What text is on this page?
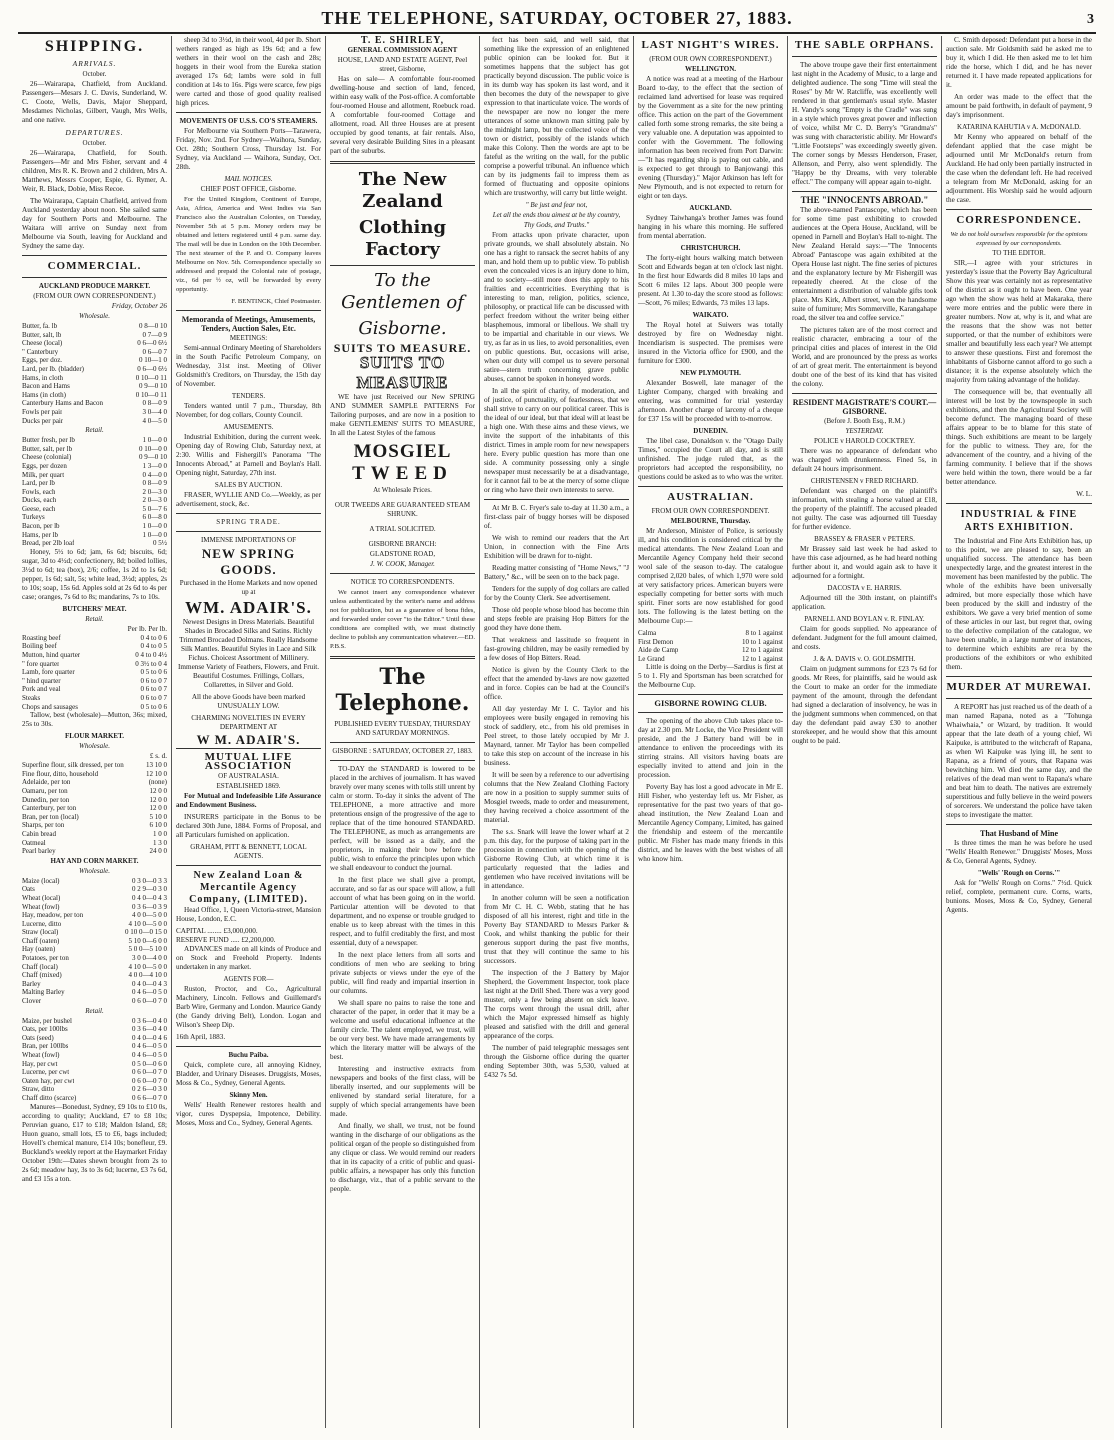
THE TELEPHONE, SATURDAY, OCTOBER 27, 1883.	3
SHIPPING.
ARRIVALS.
October.

26—Wairarapa, Chatfield, from Auckland. Passengers—Mesars J. C. Davis, Sunderland, W. C. Coote, Wells, Davis, Major Sheppard, Mesdames Nicholas, Gilbert, Vaugh, Mrs Wells, and one native.

DEPARTURES.
October.

26—Wairarapa, Chatfield, for South. Passengers—Mr and Mrs Fisher, servant and 4 children, Mrs R. K. Brown and 2 children, Mrs A. Matthews, Messrs Cooper, Espie, G. Rymer, A. Weir, R. Black, Dobie, Miss Recoe.

The Wairarapa, Captain Chatfield, arrived from Auckland yesterday about noon. She sailed same day for Southern Ports and Melbourne. The Waitara will arrive on Sunday next from Melbourne via South, leaving for Auckland and Sydney the same day.

COMMERCIAL.
AUCKLAND PRODUCE MARKET.
(FROM OUR OWN CORRESPONDENT.)
Friday, October 26
Wholesale.
Butter, fa. lb	0 8—0 10
Butter, salt, lb	0 7—0 9
Cheese (local)	0 6—0 6½
" Canterbury	0 6—0 7
Eggs, per doz.	0 10—1 0
Lard, per lb. (bladder)	0 6—0 6½
Hams, in cloth	0 10—0 11
Bacon and Hams	0 9—0 10
Hams (in cloth)	0 10—0 11
Canterbury Hams and Bacon	0 8—0 9
Fowls per pair	3 0—4 0
Ducks per pair	4 0—5 0
Retail.
Butter fresh, per lb	1 0—0 0
Butter, salt, per lb	0 10—0 0
Cheese (colonial)	0 9—0 10
Eggs, per dozen	1 3—0 0
Milk, per quart	0 4—0 0
Lard, per lb	0 8—0 9
Fowls, each	2 0—3 0
Ducks, each	2 0—3 0
Geese, each	5 0—7 6
Turkeys	6 0—8 0
Bacon, per lb	1 0—0 0
Hams, per lb	1 0—0 0
Bread, per 2lb loaf	0 5½

Honey, 5½ to 6d; jam, 6s 6d; biscuits, 6d; sugar, 3d to 4½d; confectionery, 8d; boiled lollies, 3½d to 6d; tea (box), 2/6; coffee, 1s 2d to 1s 6d; pepper, 1s 6d; salt, 5s; white lead, 3½d; apples, 2s to 10s; soap, 15s 6d. Apples sold at 2s 6d to 4s per case; oranges, 7s 6d to 8s; mandarins, 7s to 10s.

BUTCHERS' MEAT.
Retail.
Per lb. Per lb.
Roasting beef	0 4 to 0 6
Boiling beef	0 4 to 0 5
Mutton, hind quarter	0 4 to 0 4½
" fore quarter	0 3½ to 0 4
Lamb, fore quarter	0 5 to 0 6
" hind quarter	0 6 to 0 7
Pork and veal	0 6 to 0 7
Steaks	0 6 to 0 7
Chops and sausages	0 5 to 0 6

Tallow, best (wholesale)—Mutton, 36s; mixed, 25s to 30s.

FLOUR MARKET.
Wholesale.
£ s. d.
Superfine flour, silk dressed, per ton	13 10 0
Fine flour, ditto, household	12 10 0
Adelaide, per ton	(none)
Oamaru, per ton	12 0 0
Dunedin, per ton	12 0 0
Canterbury, per ton	12 0 0
Bran, per ton (local)	5 10 0
Sharps, per ton	6 10 0
Cabin bread	1 0 0
Oatmeal	1 3 0
Pearl barley	24 0 0
HAY AND CORN MARKET.
Wholesale.
Maize (local)	0 3 0—0 3 3
Oats	0 2 9—0 3 0
Wheat (local)	0 4 0—0 4 3
Wheat (fowl)	0 3 6—0 3 9
Hay, meadow, per ton	4 0 0—5 0 0
Lucerne, ditto	4 10 0—5 0 0
Straw (local)	0 10 0—0 15 0
Chaff (oaten)	5 10 0—6 0 0
Hay (oaten)	5 0 0—5 10 0
Potatoes, per ton	3 0 0—4 0 0
Chaff (local)	4 10 0—5 0 0
Chaff (mixed)	4 0 0—4 10 0
Barley	0 4 0—0 4 3
Malting Barley	0 4 6—0 5 0
Clover	0 6 0—0 7 0
Retail.
Maize, per bushel	0 3 6—0 4 0
Oats, per 100lbs	0 3 6—0 4 0
Oats (seed)	0 4 0—0 4 6
Bran, per 100lbs	0 4 6—0 5 0
Wheat (fowl)	0 4 6—0 5 0
Hay, per cwt	0 5 0—0 6 0
Lucerne, per cwt	0 6 0—0 7 0
Oaten hay, per cwt	0 6 0—0 7 0
Straw, ditto	0 2 6—0 3 0
Chaff ditto (scarce)	0 6 6—0 7 0

Manures—Bonedust, Sydney, £9 10s to £10 0s, according to quality; Auckland, £7 to £8 10s; Peruvian guano, £17 to £18; Maldon Island, £8; Huon guano, small lots, £5 to £6, bags included; Hovell's chemical manure, £14 10s; bonefleur, £9. Buckland's weekly report at the Haymarket Friday October 19th:—Dates shewn brought from 2s to 2s 6d; meadow hay, 3s to 3s 6d; lucerne, £3 7s 6d, and £3 15s a ton.

sheep 3d to 3½d, in their wool, 4d per lb. Short wethers ranged as high as 19s 6d; and a few wethers in their wool on the cash and 28s; hoggets in their wool from the Eureka station averaged 17s 6d; lambs were sold in full condition at 14s to 16s. Pigs were scarce, few pigs were carted and those of good quality realised high prices.

MOVEMENTS OF U.S.S. CO'S STEAMERS.

For Melbourne via Southern Ports—Tarawera, Friday, Nov. 2nd. For Sydney—Waihora, Sunday, Oct. 28th; Southern Cross, Thursday 1st. For Sydney, via Auckland — Waihora, Sunday, Oct. 28th.

MAIL NOTICES.
CHIEF POST OFFICE, Gisborne.

For the United Kingdom, Continent of Europe, Asia, Africa, America and West Indies via San Francisco also the Australian Colonies, on Tuesday, November 5th at 5 p.m. Money orders may be obtained and letters registered until 4 p.m. same day. The mail will be due in London on the 10th December. The next steamer of the P. and O. Company leaves Melbourne on Nov. 5th. Correspondence specially so addressed and prepaid the Colonial rate of postage, viz., 6d per ½ oz, will be forwarded by every opportunity.

F. BENTINCK, Chief Postmaster.
Memoranda of Meetings, Amusements, Tenders, Auction Sales, Etc.
MEETINGS:

Semi-annual Ordinary Meeting of Shareholders in the South Pacific Petroleum Company, on Wednesday, 31st inst. Meeting of Oliver Goldsmith's Creditors, on Thursday, the 15th day of November.

TENDERS.

Tenders wanted until 7 p.m., Thursday, 8th November, for dog collars, County Council.

AMUSEMENTS.

Industrial Exhibition, during the current week. Opening day of Rowing Club, Saturday next, at 2:30. Willis and Fishergill's Panorama "The Innocents Abroad," at Parnell and Boylan's Hall. Opening night, Saturday, 27th inst.

SALES BY AUCTION.

FRASER, WYLLIE AND Co.—Weekly, as per advertisement, stock, &c.

SPRING TRADE.
IMMENSE IMPORTATIONS OF
NEW SPRING GOODS.
Purchased in the Home Markets and now opened up at
WM. ADAIR'S.

Newest Designs in Dress Materials. Beautiful Shades in Brocaded Silks and Satins. Richly Trimmed Brocaded Dolmans. Really Handsome Silk Mantles. Beautiful Styles in Lace and Silk Fichus. Choicest Assortment of Millinery. Immense Variety of Feathers, Flowers, and Fruit. Beautiful Costumes. Frillings, Collars, Collarettes, in Silver and Gold.

All the above Goods have been marked UNUSUALLY LOW.

CHARMING NOVELTIES IN EVERY DEPARTMENT AT

W M. ADAIR'S.
MUTUAL LIFE ASSOCIATION
OF AUSTRALASIA.
ESTABLISHED 1869.

For Mutual and Indefeasible Life Assurance and Endowment Business.

INSURERS participate in the Bonus to be declared 30th June, 1884. Forms of Proposal, and all Particulars furnished on application.

GRAHAM, PITT & BENNETT, LOCAL AGENTS.
New Zealand Loan & Mercantile Agency Company, (LIMITED).

Head Office, 1, Queen Victoria-street, Mansion House, London, E.C.

CAPITAL ........ £3,000,000.
RESERVE FUND ..... £2,200,000.

ADVANCES made on all kinds of Produce and on Stock and Freehold Property. Indents undertaken in any market.

AGENTS FOR—

Ruston, Proctor, and Co., Agricultural Machinery, Lincoln. Fellows and Guillemard's Barb Wire, Germany and London. Maurice Gandy (the Gandy driving Belt), London. Logan and Wilson's Sheep Dip.

16th April, 1883.
Buchu Paiba.

Quick, complete cure, all annoying Kidney, Bladder, and Urinary Diseases. Druggists, Moses, Moss & Co., Sydney, General Agents.

Skinny Men.

Wells' Health Renewer restores health and vigor, cures Dyspepsia, Impotence, Debility. Moses, Moss and Co., Sydney, General Agents.

T. E. SHIRLEY,
GENERAL COMMISSION AGENT
HOUSE, LAND AND ESTATE AGENT, Peel street, Gisborne,

Has on sale— A comfortable four-roomed dwelling-house and section of land, fenced, within easy walk of the Post-office. A comfortable four-roomed House and allotment, Roebuck road. A comfortable four-roomed Cottage and allotment, road. All three Houses are at present occupied by good tenants, at fair rentals. Also, several very desirable Building Sites in a pleasant part of the suburbs.

The New Zealand
Clothing Factory
To the Gentlemen of
Gisborne.
SUITS TO MEASURE.
SUITS TO MEASURE

WE have just Received our New SPRING AND SUMMER SAMPLE PATTERNS For Tailoring purposes, and are now in a position to make GENTLEMENS' SUITS TO MEASURE, In all the Latest Styles of the famous

MOSGIEL
TWEED
At Wholesale Prices.
OUR TWEEDS ARE GUARANTEED STEAM SHRUNK.
A TRIAL SOLICITED.
GISBORNE BRANCH:
GLADSTONE ROAD,
J. W. COOK, Manager.
NOTICE TO CORRESPONDENTS.

We cannot insert any correspondence whatever unless authenticated by the writer's name and address not for publication, but as a guarantee of bona fides, and forwarded under cover "to the Editor." Until these conditions are complied with, we must distinctly decline to publish any communication whatever.—ED. P.B.S.

The Telephone.
PUBLISHED EVERY TUESDAY, THURSDAY AND SATURDAY MORNINGS.
GISBORNE : SATURDAY, OCTOBER 27, 1883.

TO-DAY the STANDARD is lowered to be placed in the archives of journalism. It has waved bravely over many scenes with tolls still unrent by calm or storm. To-day it sinks the advent of The TELEPHONE, a more attractive and more pretentious ensign of the progressive of the age to replace that of the time honoured STANDARD. The TELEPHONE, as much as arrangements are perfect, will be issued as a daily, and the proprietors, in making their bow before the public, wish to enforce the principles upon which we shall endeavour to conduct the journal.

In the first place we shall give a prompt, accurate, and so far as our space will allow, a full account of what has been going on in the world. Particular attention will be devoted to that department, and no expense or trouble grudged to enable us to keep abreast with the times in this respect, and to fulfil creditably the first, and most essential, duty of a newspaper.

In the next place letters from all sorts and conditions of men who are seeking to bring private subjects or views under the eye of the public, will find ready and impartial insertion in our columns.

We shall spare no pains to raise the tone and character of the paper, in order that it may be a welcome and useful educational influence at the family circle. The talent employed, we trust, will be our very best. We have made arrangements by which the literary matter will be always of the best.

Interesting and instructive extracts from newspapers and books of the first class, will be liberally inserted, and our supplements will be enlivened by standard serial literature, for a supply of which special arrangements have been made.

And finally, we shall, we trust, not be found wanting in the discharge of our obligations as the political organ of the people so distinguished from any clique or class. We would remind our readers that in its capacity of a critic of public and quasi-public affairs, a newspaper has only this function to discharge, viz., that of a public servant to the people.

fect has been said, and well said, that something like the expression of an enlightened public opinion can be looked for. But it sometimes happens that the subject has got practically beyond discussion. The public voice is in its dumb way has spoken its last word, and it then becomes the duty of the newspaper to give expression to that inarticulate voice. The words of the newspaper are now no longer the mere utterances of some unknown man sitting pale by the midnight lamp, but the collected voice of the town or district, possibly of the islands which make this Colony. Then the words are apt to be fateful as the writing on the wall, for the public comprise a powerful tribunal. An influence which can by its judgments fail to impress them as formed of fluctuating and opposite opinions which are trustworthy, will carry but little weight.

" Be just and fear not,
Let all the ends thou aimest at be thy country,
Thy Gods, and Truths."

From attacks upon private character, upon private grounds, we shall absolutely abstain. No one has a right to ransack the secret habits of any man, and hold them up to public view. To publish even the concealed vices is an injury done to him, and to society—still more does this apply to his frailties and eccentricities. Everything that is interesting to man, religion, politics, science, philosophy, or practical life can be discussed with perfect freedom without the writer being either blasphemous, immoral or libellous. We shall try to be impartial and charitable in our views. We try, as far as in us lies, to avoid personalities, even on public questions. But, occasions will arise, when our duty will compel us to severe personal satire—stern truth concerning grave public abuses, cannot be spoken in honeyed words.

In all the spirit of charity, of moderation, and of justice, of punctuality, of fearlessness, that we shall strive to carry on our political career. This is the ideal of our ideal, but that ideal will at least be a high one. With these aims and these views, we invite the support of the inhabitants of this district. Times in ample room for new newspapers here. Every public question has more than one side. A community possessing only a single newspaper must necessarily be at a disadvantage, for it cannot fail to be at the mercy of some clique or ring who have their own interests to serve.

At Mr B. C. Fryer's sale to-day at 11.30 a.m., a first-class pair of buggy horses will be disposed of.

We wish to remind our readers that the Art Union, in connection with the Fine Arts Exhibition will be drawn for to-night.

Reading matter consisting of "Home News," "J Battery," &c., will be seen on to the back page.

Tenders for the supply of dog collars are called for by the County Clerk. See advertisement.

Those old people whose blood has become thin and steps feeble are praising Hop Bitters for the good they have done them.

That weakness and lassitude so frequent in fast-growing children, may be easily remedied by a few doses of Hop Bitters. Read.

Notice is given by the County Clerk to the effect that the amended by-laws are now gazetted and in force. Copies can be had at the Council's office.

All day yesterday Mr I. C. Taylor and his employees were busily engaged in removing his stock of saddlery, etc., from his old premises in Peel street, to those lately occupied by Mr J. Maynard, tanner. Mr Taylor has been compelled to take this step on account of the increase in his business.

It will be seen by a reference to our advertising columns that the New Zealand Clothing Factory are now in a position to supply summer suits of Mosgiel tweeds, made to order and measurement, they having received a choice assortment of the material.

The s.s. Snark will leave the lower wharf at 2 p.m. this day, for the purpose of taking part in the procession in connection with the opening of the Gisborne Rowing Club, at which time it is particularly requested that the ladies and gentlemen who have received invitations will be in attendance.

In another column will be seen a notification from Mr C. H. C. Webb, stating that he has disposed of all his interest, right and title in the Poverty Bay STANDARD to Messrs Parker & Cook, and whilst thanking the public for their generous support during the past five months, trust that they will continue the same to his successors.

The inspection of the J Battery by Major Shepherd, the Government Inspector, took place last night at the Drill Shed. There was a very good muster, only a few being absent on sick leave. The corps went through the usual drill, after which the Major expressed himself as highly pleased and satisfied with the drill and general appearance of the corps.

The number of paid telegraphic messages sent through the Gisborne office during the quarter ending September 30th, was 5,530, valued at £432 7s 5d.

LAST NIGHT'S WIRES.
(FROM OUR OWN CORRESPONDENT.)
WELLINGTON.

A notice was read at a meeting of the Harbour Board to-day, to the effect that the section of reclaimed land advertised for lease was required by the Government as a site for the new printing office. This action on the part of the Government called forth some strong remarks, the site being a very valuable one. A deputation was appointed to confer with the Government. The following information has been received from Port Darwin:—"It has regarding ship is paying out cable, and is expected to get through to Banjowangi this evening (Thursday)." Major Atkinson has left for New Plymouth, and is not expected to return for eight or ten days.

AUCKLAND.

Sydney Taiwhanga's brother James was found hanging in his whare this morning. He suffered from mental aberration.

CHRISTCHURCH.

The forty-eight hours walking match between Scott and Edwards began at ten o'clock last night. In the first hour Edwards did 8 miles 10 laps and Scott 6 miles 12 laps. About 300 people were present. At 1.30 to-day the score stood as follows:—Scott, 76 miles; Edwards, 73 miles 13 laps.

WAIKATO.

The Royal hotel at Suiwers was totally destroyed by fire on Wednesday night. Incendiarism is suspected. The premises were insured in the Victoria office for £900, and the furniture for £300.

NEW PLYMOUTH.

Alexander Boswell, late manager of the Lighter Company, charged with breaking and entering, was committed for trial yesterday afternoon. Another charge of larceny of a cheque for £37 15s will be proceeded with to-morrow.

DUNEDIN.

The libel case, Donaldson v. the "Otago Daily Times," occupied the Court all day, and is still unfinished. The judge ruled that, as the proprietors had accepted the responsibility, no questions could be asked as to who was the writer.

AUSTRALIAN.
FROM OUR OWN CORRESPONDENT.
MELBOURNE, Thursday.

Mr Anderson, Minister of Police, is seriously ill, and his condition is considered critical by the medical attendants. The New Zealand Loan and Mercantile Agency Company held their second wool sale of the season to-day. The catalogue comprised 2,020 bales, of which 1,970 were sold at very satisfactory prices. American buyers were especially competing for better sorts with much spirit. Finer sorts are now established for good lots. The following is the latest betting on the Melbourne Cup:—

Calma	8 to 1 against
First Demon	10 to 1 against
Aide de Camp	12 to 1 against
Le Grand	12 to 1 against

Little is doing on the Derby—Sardius is first at 5 to 1. Fly and Sportsman has been scratched for the Melbourne Cup.

GISBORNE ROWING CLUB.

The opening of the above Club takes place to-day at 2.30 pm. Mr Locke, the Vice President will preside, and the J Battery band will be in attendance to enliven the proceedings with its stirring strains. All visitors having boats are especially invited to attend and join in the procession.

Poverty Bay has lost a good advocate in Mr E. Hill Fisher, who yesterday left us. Mr Fisher, as representative for the past two years of that go-ahead institution, the New Zealand Loan and Mercantile Agency Company, Limited, has gained the friendship and esteem of the mercantile public. Mr Fisher has made many friends in this district, and he leaves with the best wishes of all who know him.

THE SABLE ORPHANS.

The above troupe gave their first entertainment last night in the Academy of Music, to a large and delighted audience. The song "Time will steal the Roses" by Mr W. Ratcliffe, was excellently well rendered in that gentleman's usual style. Master H. Vandy's song "Empty is the Cradle" was sung in a style which proves great power and inflection of voice, whilst Mr C. D. Berry's "Grandma's" was sung with characteristic ability. Mr Howard's "Little Footsteps" was exceedingly sweetly given. The corner songs by Messrs Henderson, Fraser, Allenson, and Perry, also went splendidly. The "Happy be thy Dreams, with very tolerable effect." The company will appear again to-night.

THE "INNOCENTS ABROAD."

The above-named Pantascope, which has been for some time past exhibiting to crowded audiences at the Opera House, Auckland, will be opened in Parnell and Boylan's Hall to-night. The New Zealand Herald says:—"The 'Innocents Abroad' Pantascope was again exhibited at the Opera House last night. The fine series of pictures and the explanatory lecture by Mr Fishergill was repeatedly cheered. At the close of the entertainment a distribution of valuable gifts took place. Mrs Kirk, Albert street, won the handsome suite of furniture; Mrs Sommerville, Karangahape road, the silver tea and coffee service."

The pictures taken are of the most correct and realistic character, embracing a tour of the principal cities and places of interest in the Old World, and are pronounced by the press as works of art of great merit. The entertainment is beyond doubt one of the best of its kind that has visited the colony.

RESIDENT MAGISTRATE'S COURT.—GISBORNE.
(Before J. Booth Esq., R.M.)
YESTERDAY.
POLICE v HAROLD COCKTREY.

There was no appearance of defendant who was charged with drunkenness. Fined 5s, in default 24 hours imprisonment.

CHRISTENSEN v FRED RICHARD.

Defendant was charged on the plaintiff's information, with stealing a horse valued at £18, the property of the plaintiff. The accused pleaded not guilty. The case was adjourned till Tuesday for further evidence.

BRASSEY & FRASER v PETERS.

Mr Brassey said last week he had asked to have this case adjourned, as he had heard nothing further about it, and would again ask to have it adjourned for a fortnight.

DACOSTA v E. HARRIS.

Adjourned till the 30th instant, on plaintiff's application.

PARNELL AND BOYLAN v. R. FINLAY.

Claim for goods supplied. No appearance of defendant. Judgment for the full amount claimed, and costs.

J. & A. DAVIS v. O. GOLDSMITH.

Claim on judgment summons for £23 7s 6d for goods. Mr Rees, for plaintiffs, said he would ask the Court to make an order for the immediate payment of the amount, through the defendant had signed a declaration of insolvency, he was in the judgment summons when commenced, on that day the defendant paid away £30 to another storekeeper, and he would show that this amount ought to be paid.

C. Smith deposed: Defendant put a horse in the auction sale. Mr Goldsmith said he asked me to buy it, which I did. He then asked me to let him ride the horse, which I did, and he has never returned it. I have made repeated applications for it.

An order was made to the effect that the amount be paid forthwith, in default of payment, 9 day's imprisonment.

KATARINA KAHUTIA v A. McDONALD.

Mr Kenny who appeared on behalf of the defendant applied that the case might be adjourned until Mr McDonald's return from Auckland. He had only been partially instructed in the case when the defendant left. He had received a telegram from Mr McDonald, asking for an adjournment. His Worship said he would adjourn the case.

CORRESPONDENCE.
We do not hold ourselves responsible for the opinions expressed by our correspondents.
TO THE EDITOR.

SIR,—I agree with your strictures in yesterday's issue that the Poverty Bay Agricultural Show this year was certainly not as representative of the district as it ought to have been. One year ago when the show was held at Makaraka, there were more entries and the public were there in greater numbers. Now at, why is it, and what are the reasons that the show was not better supported, or that the number of exhibitors were smaller and beautifully less each year? We attempt to answer these questions. First and foremost the inhabitants of Gisborne cannot afford to go such a distance; it is the expense absolutely which the majority from taking advantage of the holiday.

The consequence will be, that eventually all interest will be lost by the townspeople in such exhibitions, and then the Agricultural Society will become defunct. The managing board of these affairs appear to be to blame for this state of things. Such exhibitions are meant to be largely for the public to witness. They are, for the advancement of the country, and a hiving of the farming community. I believe that if the shows were held within the town, there would be a far better attendance.

W. L.
INDUSTRIAL & FINE ARTS EXHIBITION.

The Industrial and Fine Arts Exhibition has, up to this point, we are pleased to say, been an unqualified success. The attendance has been unexpectedly large, and the greatest interest in the movement has been manifested by the public. The whole of the exhibits have been universally admired, but more especially those which have been produced by the skill and industry of the exhibitors. We gave a very brief mention of some of these articles in our last, but regret that, owing to the defective compilation of the catalogue, we have been unable, in a large number of instances, to determine which exhibits are re:a by the productions of the exhibitors or who exhibited them.

MURDER AT MUREWAI.

A REPORT has just reached us of the death of a man named Rapana, noted as a "Tohunga Whaiwhaia," or Wizard, by tradition. It would appear that the late death of a young chief, Wi Kaipuke, is attributed to the witchcraft of Rapana, as when Wi Kaipuke was lying ill, he sent to Rapana, as a friend of yours, that Rapana was bewitching him. Wi died the same day, and the relatives of the dead man went to Rapana's whare and beat him to death. The natives are extremely superstitious and fully believe in the weird powers of sorcerers. We understand the police have taken steps to investigate the matter.

That Husband of Mine

Is three times the man he was before he used "Wells' Health Renewer." Druggists' Moses, Moss & Co, General Agents, Sydney.

"Wells' 'Rough on Corns.'"

Ask for "Wells' Rough on Corns." 7½d. Quick relief, complete, permanent cure. Corns, warts, bunions. Moses, Moss & Co, Sydney, General Agents.
